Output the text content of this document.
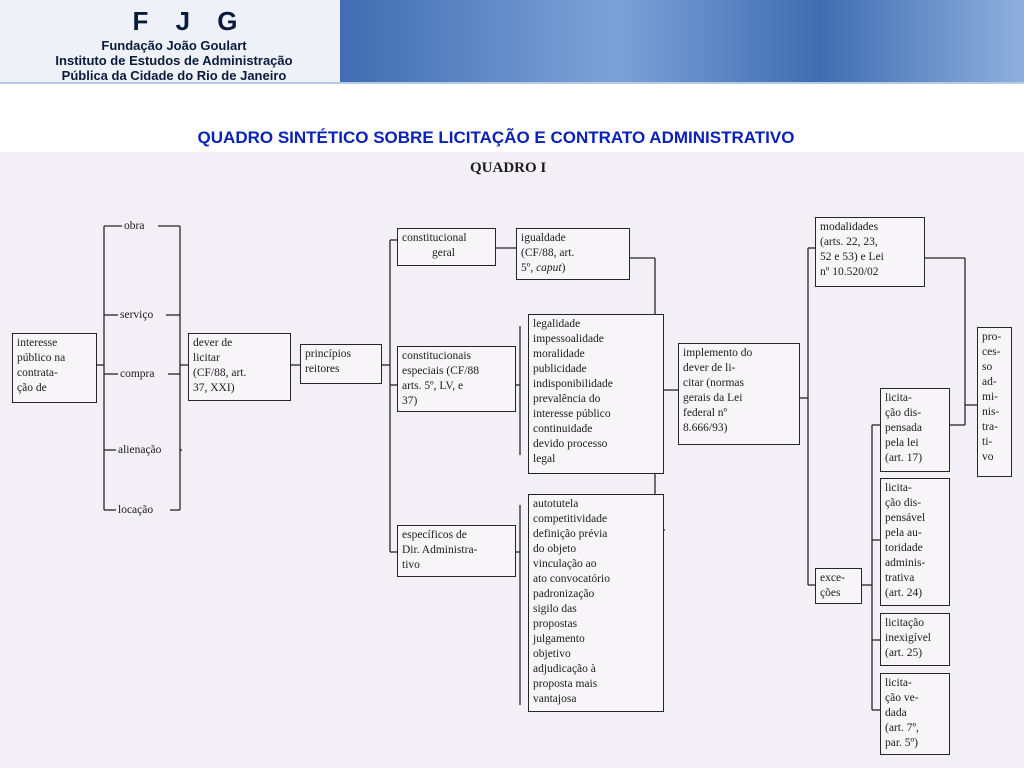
F J G
Fundação João Goulart
Instituto de Estudos de Administração
Pública da Cidade do Rio de Janeiro
QUADRO SINTÉTICO SOBRE LICITAÇÃO E CONTRATO ADMINISTRATIVO
QUADRO I
interesse
público na
contrata-
ção de
obra
serviço
compra
alienação
locação
dever de
licitar
(CF/88, art.
37, XXI)
princípios
reitores
constitucional
geral
igualdade
(CF/88, art.
5º, caput)
constitucionais
especiais (CF/88
arts. 5º, LV, e
37)
legalidade
impessoalidade
moralidade
publicidade
indisponibilidade
prevalência do
interesse público
continuidade
devido processo
legal
específicos de
Dir. Administra-
tivo
autotutela
competitividade
definição prévia
do objeto
vinculação ao
ato convocatório
padronização
sigilo das
propostas
julgamento
objetivo
adjudicação à
proposta mais
vantajosa
implemento do
dever de li-
citar (normas
gerais da Lei
federal nº
8.666/93)
modalidades
(arts. 22, 23,
52 e 53) e Lei
nº 10.520/02
exce-
ções
licita-
ção dis-
pensada
pela lei
(art. 17)
licita-
ção dis-
pensável
pela au-
toridade
adminis-
trativa
(art. 24)
licitação
inexigível
(art. 25)
licita-
ção ve-
dada
(art. 7º,
par. 5º)
pro-
ces-
so
ad-
mi-
nis-
tra-
ti-
vo
